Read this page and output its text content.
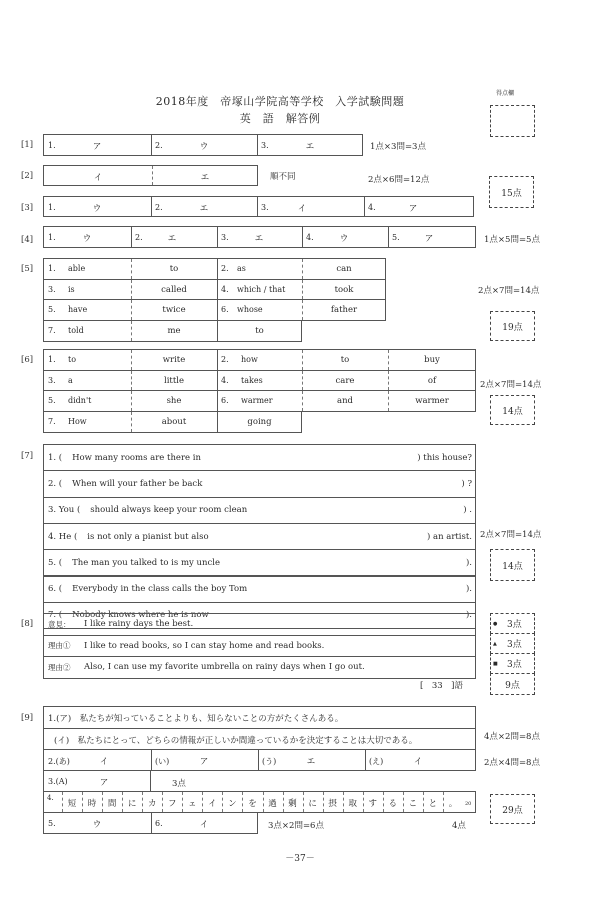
2018年度　帝塚山学院高等学校　入学試験問題
英　語　解答例
得点欄
[1] 1.	ア	2.	ウ	3.	エ	1点×3問=3点
[2]	イ	エ	順不同	2点×6問=12点
[3] 1.	ウ	2.	エ	3.	イ	4.	ア
15点
[4] 1.	ウ	2.	エ	3.	エ	4.	ウ	5.	ア	1点×5問=5点
[5] 1. able	to	2. as	can
3. is	called	4. which / that	took
5. have	twice	6. whose	father
7. told	me	to
2点×7問=14点
19点
[6] 1. to	write	2. how	to	buy
3. a	little	4. takes	care	of
5. didn't	she	6. warmer	and	warmer
7. How	about	going
2点×7問=14点
14点
[7] 1. ( How many rooms are there in	) this house?
2. ( When will your father be back	) ?
3. You ( should always keep your room clean	) .
4. He ( is not only a pianist but also	) an artist.
5. ( The man you talked to is my uncle	).
6. ( Everybody in the class calls the boy Tom	).
7. ( Nobody knows where he is now	).
2点×7問=14点
14点
[8] 意見：	I like rainy days the best.
理由①	I like to read books, so I can stay home and read books.
理由②	Also, I can use my favorite umbrella on rainy days when I go out.
[　33　]語
●	3点
▲	3点
■	3点
9点
[9]	1.(ア)　私たちが知っていることよりも、知らないことの方がたくさんある。
(イ)　私たちにとって、どちらの情報が正しいか間違っているかを決定することは大切である。	4点×2問=8点
2.(あ)	イ	(い)	ア	(う)	エ	(え)	イ	2点×4問=8点
3.(A)	ア	3点
4.
短 時 間 に カ フ ェ イ ン を 過 剰 に 摂 取 す る こ と 。 20
5.	ウ	6.	イ	3点×2問=6点	4点
29点
－37－
